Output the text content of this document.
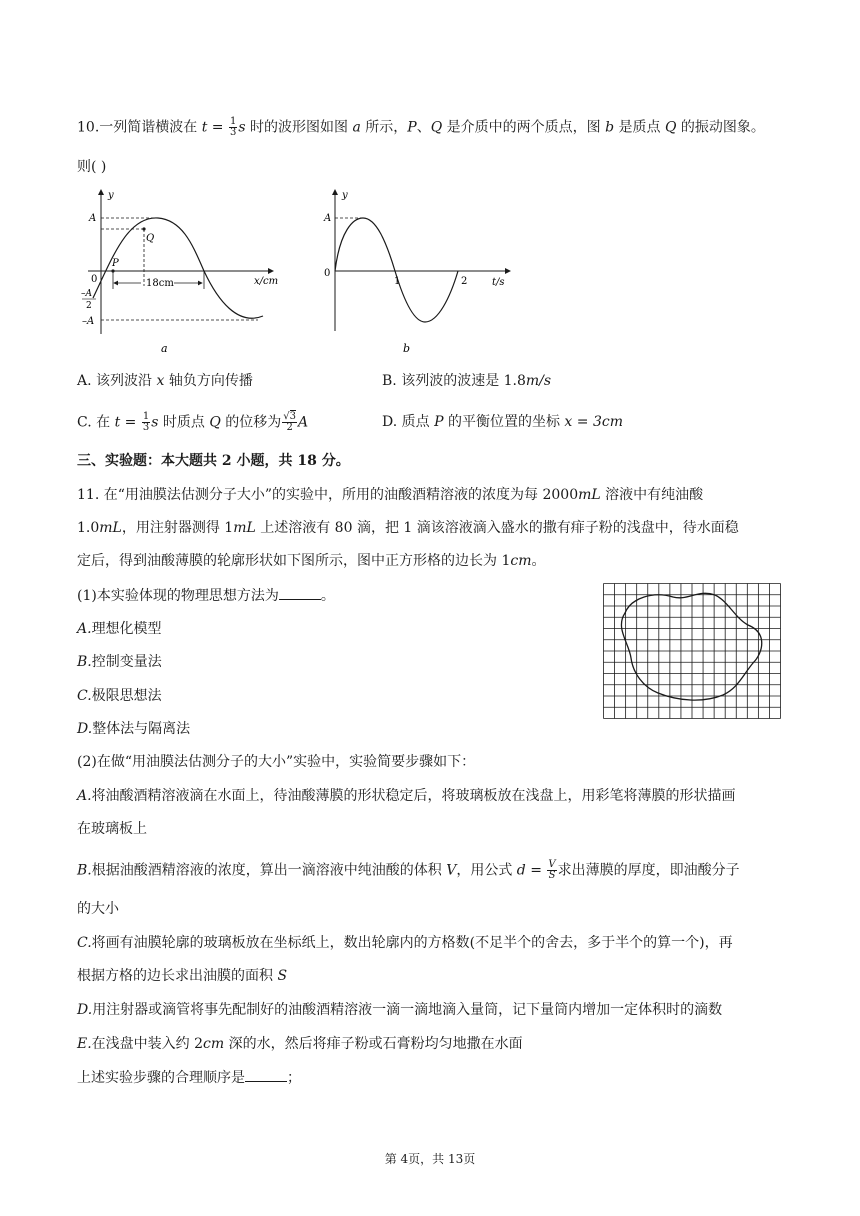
10.一列简谐横波在 $t = \frac{1}{3}$ s 时的波形图如图 a 所示，P、Q 是介质中的两个质点，图 b 是质点 Q 的振动图象。
则( )
y
A
Q
P
0
–A
2
18cm	x/cm
–A
a
y
A
0
1	2 t/s
b
A. 该列波沿 x 轴负方向传播	B. 该列波的波速是 1.8m/s
C. 在 $t = \frac{1}{3}$ s 时质点 Q 的位移为 $\frac{√3}{2}$ A	D. 质点 P 的平衡位置的坐标 x = 3cm
三、实验题：本大题共 2 小题，共 18 分。
11. 在“用油膜法估测分子大小”的实验中，所用的油酸酒精溶液的浓度为每 2000mL 溶液中有纯油酸
1.0mL，用注射器测得 1mL 上述溶液有 80 滴，把 1 滴该溶液滴入盛水的撒有痱子粉的浅盘中，待水面稳
定后，得到油酸薄膜的轮廓形状如下图所示，图中正方形格的边长为 1cm。
(1)本实验体现的物理思想方法为	。
A.理想化模型
B.控制变量法
C.极限思想法
D.整体法与隔离法
(2)在做“用油膜法估测分子的大小”实验中，实验简要步骤如下：
A.将油酸酒精溶液滴在水面上，待油酸薄膜的形状稳定后，将玻璃板放在浅盘上，用彩笔将薄膜的形状描画
在玻璃板上
B.根据油酸酒精溶液的浓度，算出一滴溶液中纯油酸的体积 V，用公式 $d = \frac{V}{S}$ 求出薄膜的厚度，即油酸分子
的大小
C.将画有油膜轮廓的玻璃板放在坐标纸上，数出轮廓内的方格数(不足半个的舍去，多于半个的算一个)，再
根据方格的边长求出油膜的面积 S
D.用注射器或滴管将事先配制好的油酸酒精溶液一滴一滴地滴入量筒，记下量筒内增加一定体积时的滴数
E.在浅盘中装入约 2cm 深的水，然后将痱子粉或石膏粉均匀地撒在水面
上述实验步骤的合理顺序是	；
第 4页，共 13页
